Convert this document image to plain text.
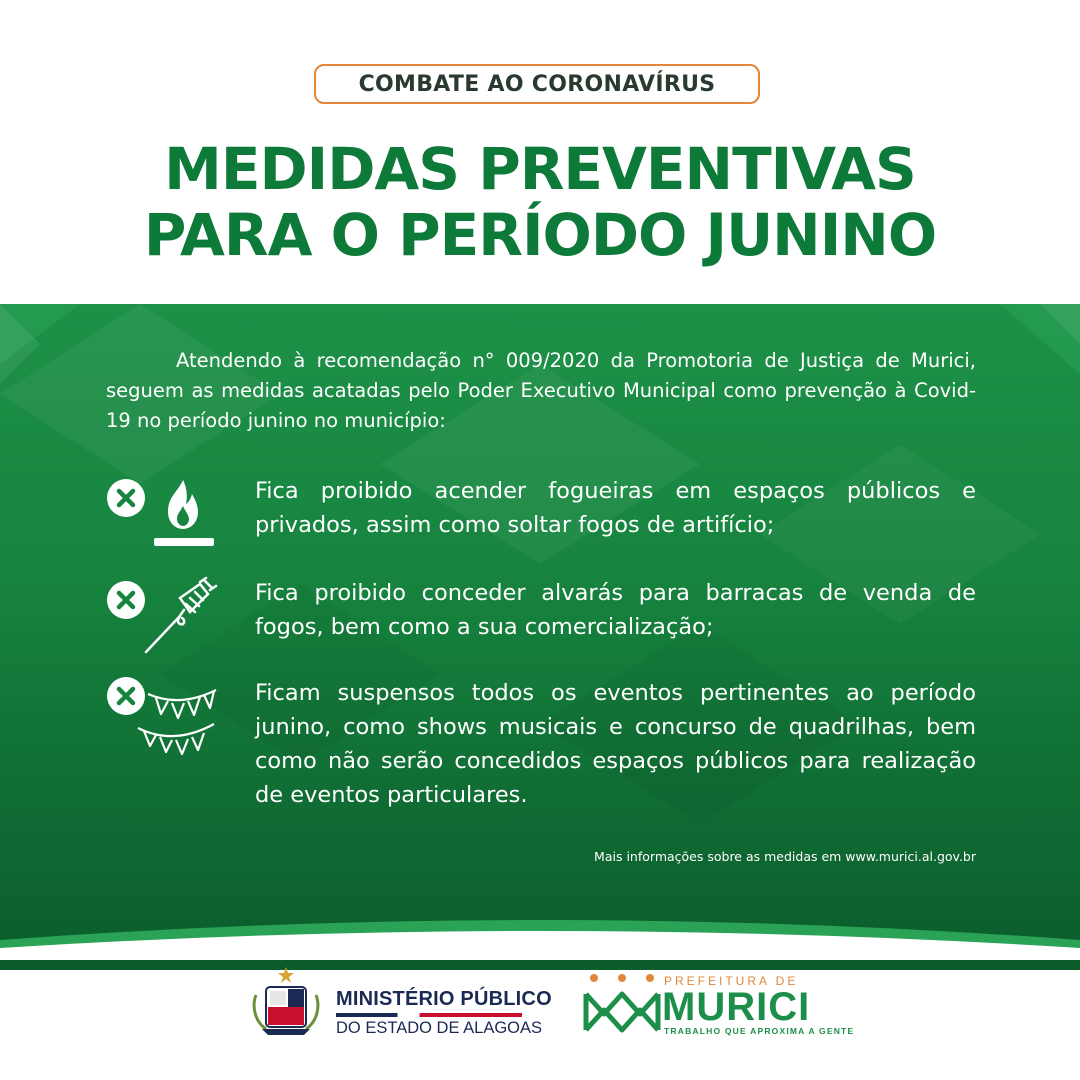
COMBATE AO CORONAVÍRUS
MEDIDAS PREVENTIVAS
PARA O PERÍODO JUNINO
Atendendo à recomendação n° 009/2020 da Promotoria de Justiça de Murici, seguem as medidas acatadas pelo Poder Executivo Municipal como prevenção à Covid-19 no período junino no município:
Fica proibido acender fogueiras em espaços públicos e privados, assim como soltar fogos de artifício;
Fica proibido conceder alvarás para barracas de venda de fogos, bem como a sua comercialização;
Ficam suspensos todos os eventos pertinentes ao período junino, como shows musicais e concurso de quadrilhas, bem como não serão concedidos espaços públicos para realização de eventos particulares.
Mais informações sobre as medidas em www.murici.al.gov.br
MINISTÉRIO PÚBLICO
DO ESTADO DE ALAGOAS
PREFEITURA DE
MURICI
TRABALHO QUE APROXIMA A GENTE
